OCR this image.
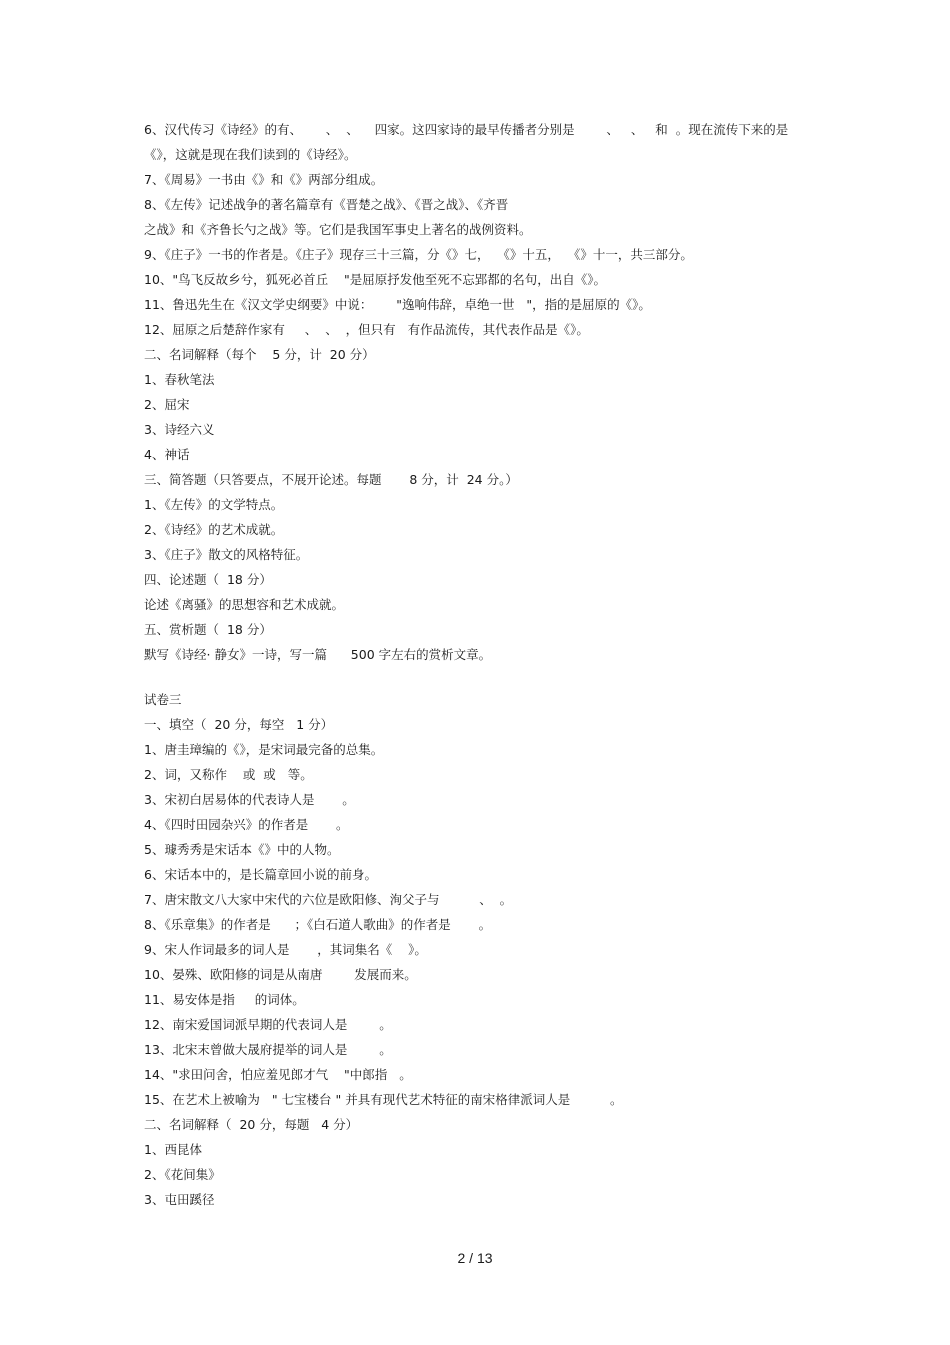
6、汉代传习《诗经》的有、      、  、    四家。这四家诗的最早传播者分别是        、   、   和  。现在流传下来的是
《》，这就是现在我们读到的《诗经》。
7、《周易》一书由《》和《》两部分组成。
8、《左传》记述战争的著名篇章有《晋楚之战》、《晋之战》、《齐晋
之战》和《齐鲁长勺之战》等。它们是我国军事史上著名的战例资料。
9、《庄子》一书的作者是。《庄子》现存三十三篇，分《》七，  《》十五，  《》十一，共三部分。
10、"鸟飞反故乡兮，狐死必首丘    "是屈原抒发他至死不忘郢都的名句，出自《》。
11、鲁迅先生在《汉文学史纲要》中说：      "逸响伟辞，卓绝一世   "，指的是屈原的《》。
12、屈原之后楚辞作家有     、  、  ，但只有   有作品流传，其代表作品是《》。
二、名词解释（每个    5 分，计  20 分）
1、春秋笔法
2、屈宋
3、诗经六义
4、神话
三、简答题（只答要点，不展开论述。每题       8 分，计  24 分。）
1、《左传》的文学特点。
2、《诗经》的艺术成就。
3、《庄子》散文的风格特征。
四、论述题（  18 分）
论述《离骚》的思想容和艺术成就。
五、赏析题（  18 分）
默写《诗经· 静女》一诗，写一篇      500 字左右的赏析文章。
试卷三
一、填空（  20 分，每空   1 分）
1、唐圭璋编的《》，是宋词最完备的总集。
2、词，又称作    或  或   等。
3、宋初白居易体的代表诗人是       。
4、《四时田园杂兴》的作者是       。
5、璩秀秀是宋话本《》中的人物。
6、宋话本中的，是长篇章回小说的前身。
7、唐宋散文八大家中宋代的六位是欧阳修、洵父子与          、  。
8、《乐章集》的作者是      ；《白石道人歌曲》的作者是       。
9、宋人作词最多的词人是       ，其词集名《    》。
10、晏殊、欧阳修的词是从南唐        发展而来。
11、易安体是指     的词体。
12、南宋爱国词派早期的代表词人是        。
13、北宋末曾做大晟府提举的词人是        。
14、"求田问舍，怕应羞见郎才气    "中郎指   。
15、在艺术上被喻为   " 七宝楼台 " 并具有现代艺术特征的南宋格律派词人是          。
二、名词解释（  20 分，每题   4 分）
1、西昆体
2、《花间集》
3、屯田蹊径
2 / 13
